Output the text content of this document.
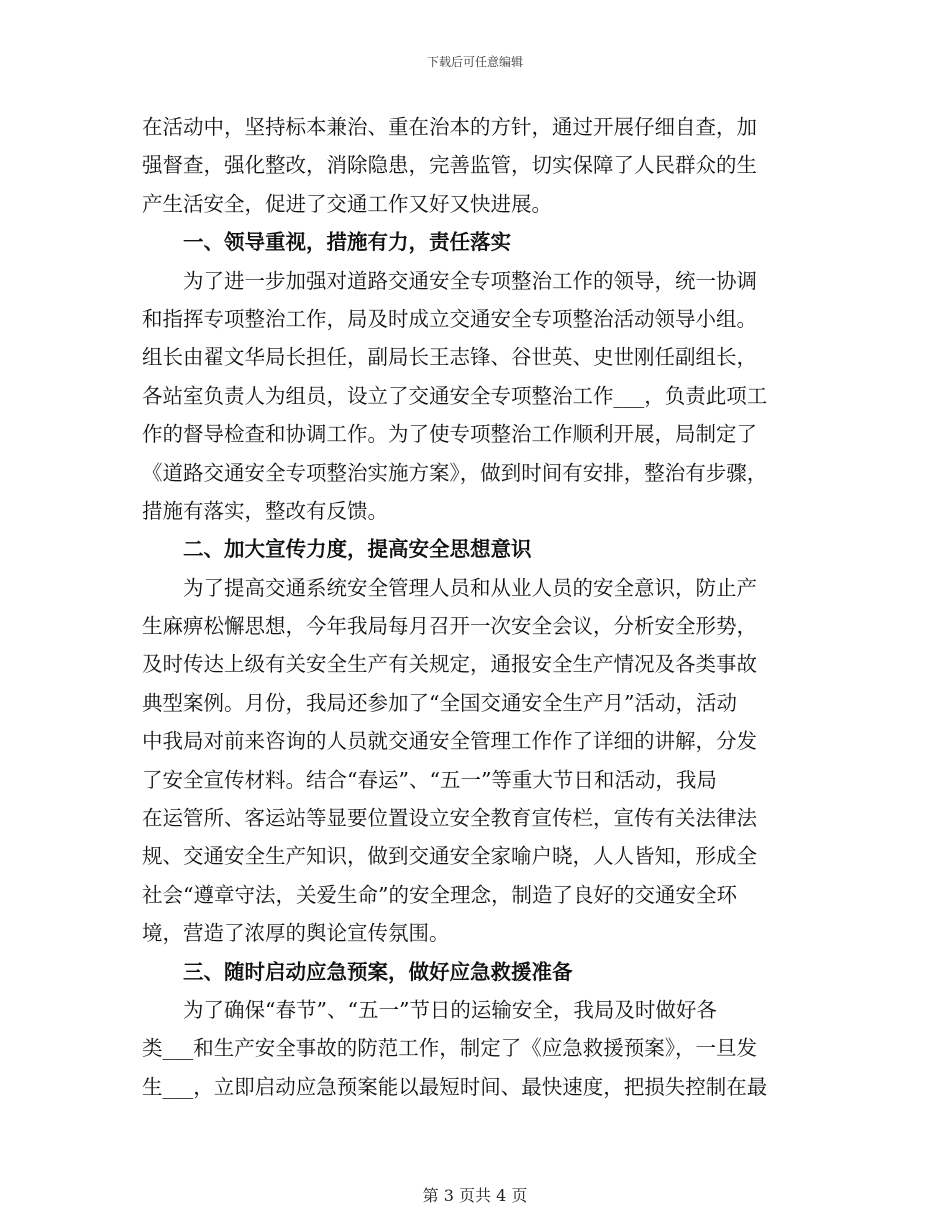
下载后可任意编辑
在活动中，坚持标本兼治、重在治本的方针，通过开展仔细自查，加
强督查，强化整改，消除隐患，完善监管，切实保障了人民群众的生
产生活安全，促进了交通工作又好又快进展。
一、领导重视，措施有力，责任落实
为了进一步加强对道路交通安全专项整治工作的领导，统一协调
和指挥专项整治工作，局及时成立交通安全专项整治活动领导小组。
组长由翟文华局长担任，副局长王志锋、谷世英、史世刚任副组长，
各站室负责人为组员，设立了交通安全专项整治工作___，负责此项工
作的督导检查和协调工作。为了使专项整治工作顺利开展，局制定了
《道路交通安全专项整治实施方案》，做到时间有安排，整治有步骤，
措施有落实，整改有反馈。
二、加大宣传力度，提高安全思想意识
为了提高交通系统安全管理人员和从业人员的安全意识，防止产
生麻痹松懈思想，今年我局每月召开一次安全会议，分析安全形势，
及时传达上级有关安全生产有关规定，通报安全生产情况及各类事故
典型案例。月份，我局还参加了“全国交通安全生产月”活动，活动
中我局对前来咨询的人员就交通安全管理工作作了详细的讲解，分发
了安全宣传材料。结合“春运”、“五一”等重大节日和活动，我局
在运管所、客运站等显要位置设立安全教育宣传栏，宣传有关法律法
规、交通安全生产知识，做到交通安全家喻户晓，人人皆知，形成全
社会“遵章守法，关爱生命”的安全理念，制造了良好的交通安全环
境，营造了浓厚的舆论宣传氛围。
三、随时启动应急预案，做好应急救援准备
为了确保“春节”、“五一”节日的运输安全，我局及时做好各
类___和生产安全事故的防范工作，制定了《应急救援预案》，一旦发
生___，立即启动应急预案能以最短时间、最快速度，把损失控制在最
第 3 页共 4 页
